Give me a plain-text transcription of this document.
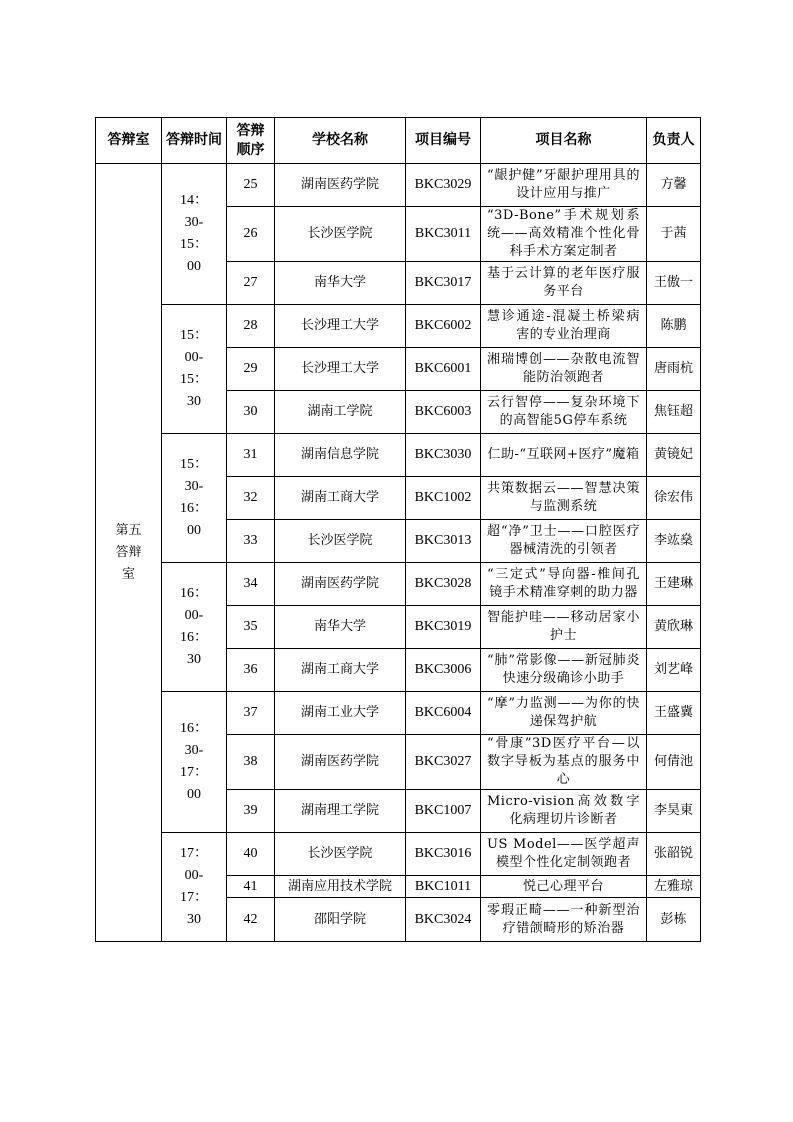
答辩室	答辩时间	答辩顺序	学校名称	项目编号	项目名称	负责人
第五答辩室	14：30-15：00	25	湖南医药学院	BKC3029	“龈护健”牙龈护理用具的设计应用与推广	方馨
		26	长沙医学院	BKC3011	“3D-Bone”手术规划系统——高效精准个性化骨科手术方案定制者	于茜
		27	南华大学	BKC3017	基于云计算的老年医疗服务平台	王傲一
	15：00-15：30	28	长沙理工大学	BKC6002	慧诊通途-混凝土桥梁病害的专业治理商	陈鹏
		29	长沙理工大学	BKC6001	湘瑞博创——杂散电流智能防治领跑者	唐雨杭
		30	湖南工学院	BKC6003	云行智停——复杂环境下的高智能5G停车系统	焦钰超
	15：30-16：00	31	湖南信息学院	BKC3030	仁助-“互联网+医疗”魔箱	黄镜妃
		32	湖南工商大学	BKC1002	共策数据云——智慧决策与监测系统	徐宏伟
		33	长沙医学院	BKC3013	超“净”卫士——口腔医疗器械清洗的引领者	李竑燊
	16：00-16：30	34	湖南医药学院	BKC3028	“三定式”导向器-椎间孔镜手术精准穿刺的助力器	王建琳
		35	南华大学	BKC3019	智能护哇——移动居家小护士	黄欣琳
		36	湖南工商大学	BKC3006	“肺”常影像——新冠肺炎快速分级确诊小助手	刘艺峰
	16：30-17：00	37	湖南工业大学	BKC6004	“摩”力监测——为你的快递保驾护航	王盛冀
		38	湖南医药学院	BKC3027	“骨康”3D医疗平台—以数字导板为基点的服务中心	何倩池
		39	湖南理工学院	BKC1007	Micro-vision高效数字化病理切片诊断者	李昊東
	17：00-17：30	40	长沙医学院	BKC3016	US Model——医学超声模型个性化定制领跑者	张韶锐
		41	湖南应用技术学院	BKC1011	悦己心理平台	左雅琼
		42	邵阳学院	BKC3024	零瑕正畸——一种新型治疗错颌畸形的矫治器	彭栋
